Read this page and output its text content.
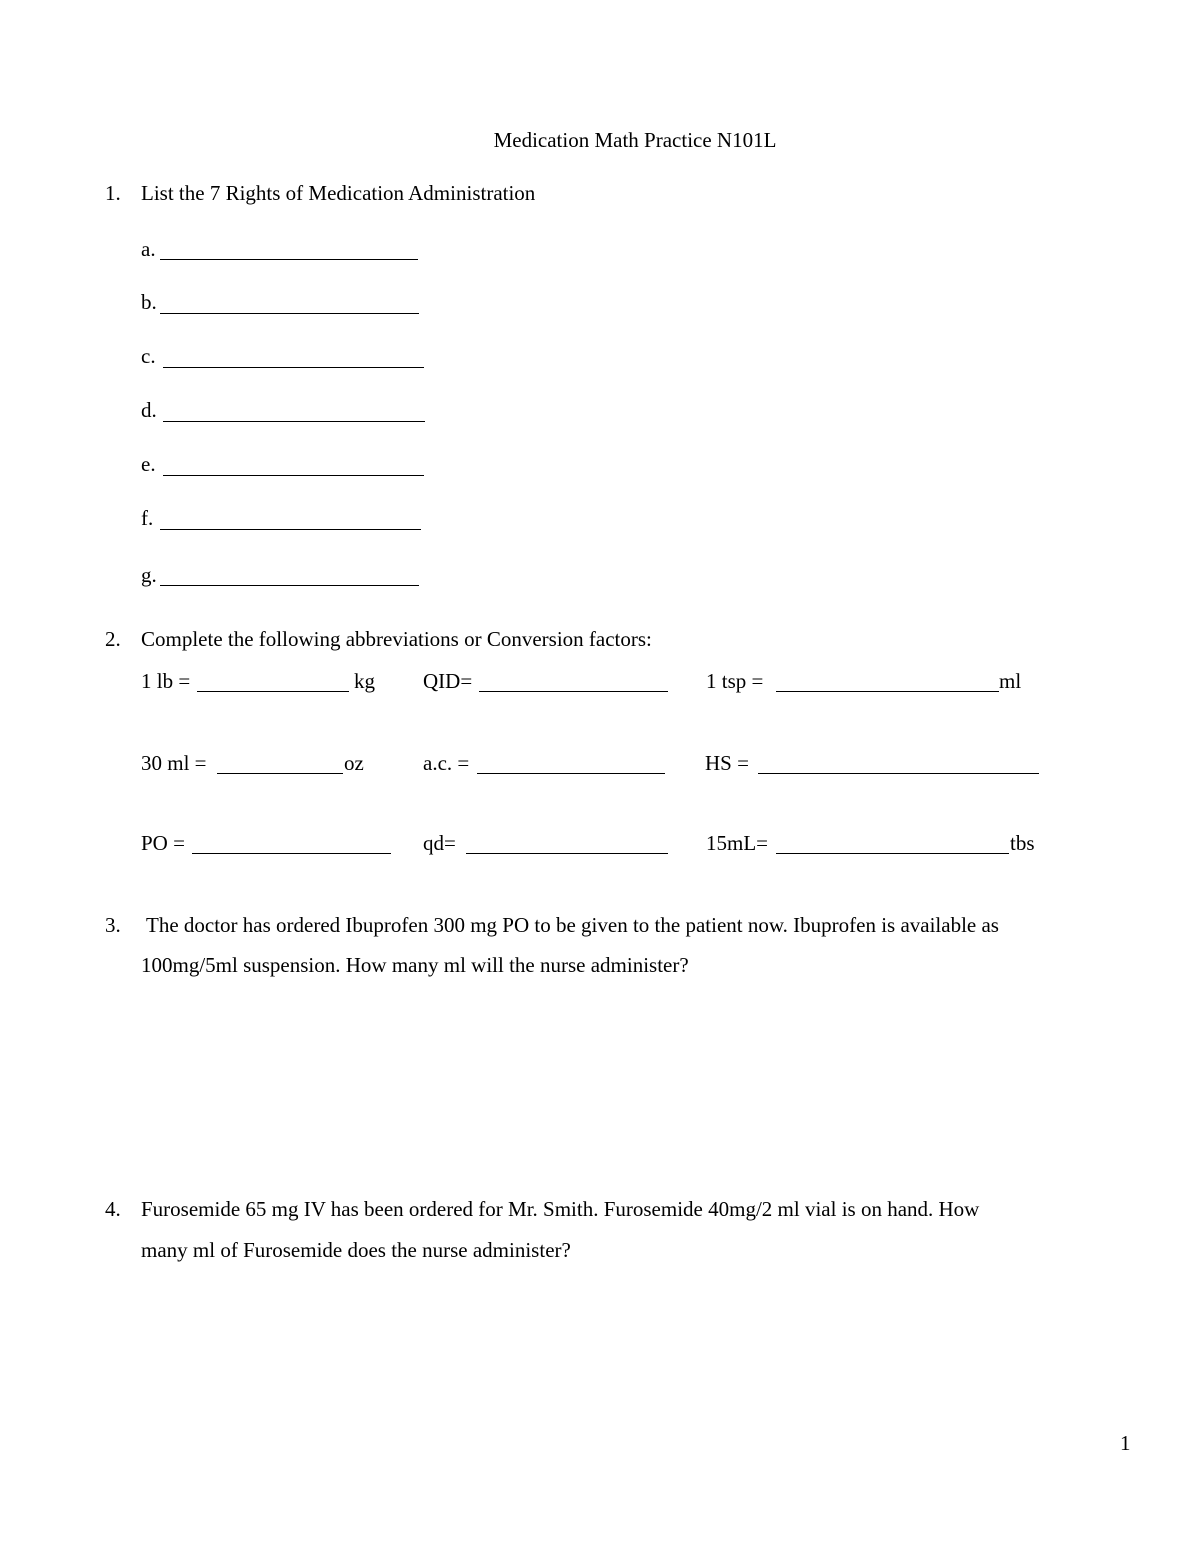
Medication Math Practice N101L
1. List the 7 Rights of Medication Administration
a.
b.
c.
d.
e.
f.
g.
2. Complete the following abbreviations or Conversion factors:
1 lb =	kg QID=	1 tsp =	ml
30 ml =	oz	a.c. =	HS =
PO =	qd=	15mL=	tbs
3. The doctor has ordered Ibuprofen 300 mg PO to be given to the patient now. Ibuprofen is available as
100mg/5ml suspension. How many ml will the nurse administer?
4. Furosemide 65 mg IV has been ordered for Mr. Smith. Furosemide 40mg/2 ml vial is on hand. How
many ml of Furosemide does the nurse administer?
1
